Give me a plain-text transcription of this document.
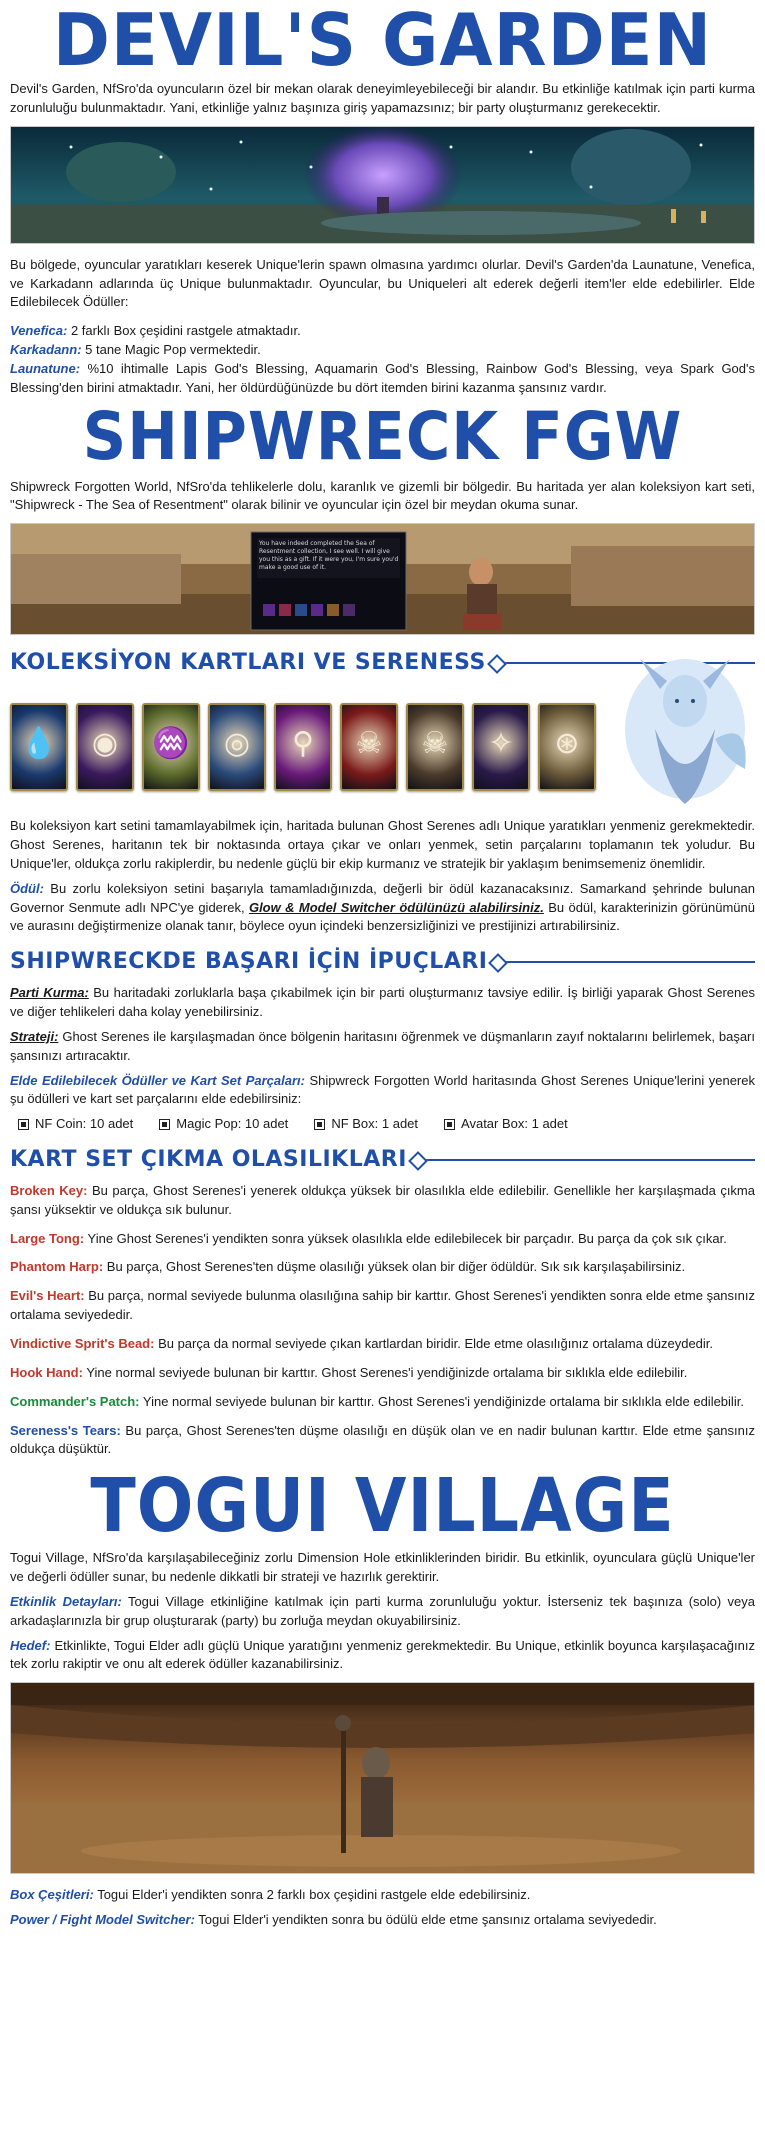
DEVIL'S GARDEN

Devil's Garden, NfSro'da oyuncuların özel bir mekan olarak deneyimleyebileceği bir alandır. Bu etkinliğe katılmak için parti kurma zorunluluğu bulunmaktadır. Yani, etkinliğe yalnız başınıza giriş yapamazsınız; bir party oluşturmanız gerekecektir.

Bu bölgede, oyuncular yaratıkları keserek Unique'lerin spawn olmasına yardımcı olurlar. Devil's Garden'da Launatune, Venefica, ve Karkadann adlarında üç Unique bulunmaktadır. Oyuncular, bu Uniqueleri alt ederek değerli item'ler elde edebilirler. Elde Edilebilecek Ödüller:

Venefica: 2 farklı Box çeşidini rastgele atmaktadır.

Karkadann: 5 tane Magic Pop vermektedir.

Launatune: %10 ihtimalle Lapis God's Blessing, Aquamarin God's Blessing, Rainbow God's Blessing, veya Spark God's Blessing'den birini atmaktadır. Yani, her öldürdüğünüzde bu dört itemden birini kazanma şansınız vardır.

SHIPWRECK FGW

Shipwreck Forgotten World, NfSro'da tehlikelerle dolu, karanlık ve gizemli bir bölgedir. Bu haritada yer alan koleksiyon kart seti, "Shipwreck - The Sea of Resentment" olarak bilinir ve oyuncular için özel bir meydan okuma sunar.

You have indeed completed the Sea of Resentment collection, I see well. I will give you this as a gift. If it were you, I'm sure you'd make a good use of it.
KOLEKSİYON KARTLARI VE SERENESS
💧	◉	♒	◎	⚲	☠	☠	✧	⊛

Bu koleksiyon kart setini tamamlayabilmek için, haritada bulunan Ghost Serenes adlı Unique yaratıkları yenmeniz gerekmektedir. Ghost Serenes, haritanın tek bir noktasında ortaya çıkar ve onları yenmek, setin parçalarını toplamanın tek yoludur. Bu Unique'ler, oldukça zorlu rakiplerdir, bu nedenle güçlü bir ekip kurmanız ve stratejik bir yaklaşım benimsemeniz önemlidir.

Ödül: Bu zorlu koleksiyon setini başarıyla tamamladığınızda, değerli bir ödül kazanacaksınız. Samarkand şehrinde bulunan Governor Senmute adlı NPC'ye giderek, Glow & Model Switcher ödülünüzü alabilirsiniz. Bu ödül, karakterinizin görünümünü ve aurasını değiştirmenize olanak tanır, böylece oyun içindeki benzersizliğinizi ve prestijinizi artırabilirsiniz.

SHIPWRECKDE BAŞARI İÇİN İPUÇLARI

Parti Kurma: Bu haritadaki zorluklarla başa çıkabilmek için bir parti oluşturmanız tavsiye edilir. İş birliği yaparak Ghost Serenes ve diğer tehlikeleri daha kolay yenebilirsiniz.

Strateji: Ghost Serenes ile karşılaşmadan önce bölgenin haritasını öğrenmek ve düşmanların zayıf noktalarını belirlemek, başarı şansınızı artıracaktır.

Elde Edilebilecek Ödüller ve Kart Set Parçaları: Shipwreck Forgotten World haritasında Ghost Serenes Unique'lerini yenerek şu ödülleri ve kart set parçalarını elde edebilirsiniz:

NF Coin: 10 adet	Magic Pop: 10 adet	NF Box: 1 adet	Avatar Box: 1 adet
KART SET ÇIKMA OLASILIKLARI

Broken Key: Bu parça, Ghost Serenes'i yenerek oldukça yüksek bir olasılıkla elde edilebilir. Genellikle her karşılaşmada çıkma şansı yüksektir ve oldukça sık bulunur.

Large Tong: Yine Ghost Serenes'i yendikten sonra yüksek olasılıkla elde edilebilecek bir parçadır. Bu parça da çok sık çıkar.

Phantom Harp: Bu parça, Ghost Serenes'ten düşme olasılığı yüksek olan bir diğer ödüldür. Sık sık karşılaşabilirsiniz.

Evil's Heart: Bu parça, normal seviyede bulunma olasılığına sahip bir karttır. Ghost Serenes'i yendikten sonra elde etme şansınız ortalama seviyededir.

Vindictive Sprit's Bead: Bu parça da normal seviyede çıkan kartlardan biridir. Elde etme olasılığınız ortalama düzeydedir.

Hook Hand: Yine normal seviyede bulunan bir karttır. Ghost Serenes'i yendiğinizde ortalama bir sıklıkla elde edilebilir.

Commander's Patch: Yine normal seviyede bulunan bir karttır. Ghost Serenes'i yendiğinizde ortalama bir sıklıkla elde edilebilir.

Sereness's Tears: Bu parça, Ghost Serenes'ten düşme olasılığı en düşük olan ve en nadir bulunan karttır. Elde etme şansınız oldukça düşüktür.

TOGUI VILLAGE

Togui Village, NfSro'da karşılaşabileceğiniz zorlu Dimension Hole etkinliklerinden biridir. Bu etkinlik, oyunculara güçlü Unique'ler ve değerli ödüller sunar, bu nedenle dikkatli bir strateji ve hazırlık gerektirir.

Etkinlik Detayları: Togui Village etkinliğine katılmak için parti kurma zorunluluğu yoktur. İsterseniz tek başınıza (solo) veya arkadaşlarınızla bir grup oluşturarak (party) bu zorluğa meydan okuyabilirsiniz.

Hedef: Etkinlikte, Togui Elder adlı güçlü Unique yaratığını yenmeniz gerekmektedir. Bu Unique, etkinlik boyunca karşılaşacağınız tek zorlu rakiptir ve onu alt ederek ödüller kazanabilirsiniz.

Box Çeşitleri: Togui Elder'i yendikten sonra 2 farklı box çeşidini rastgele elde edebilirsiniz.

Power / Fight Model Switcher: Togui Elder'i yendikten sonra bu ödülü elde etme şansınız ortalama seviyededir.
